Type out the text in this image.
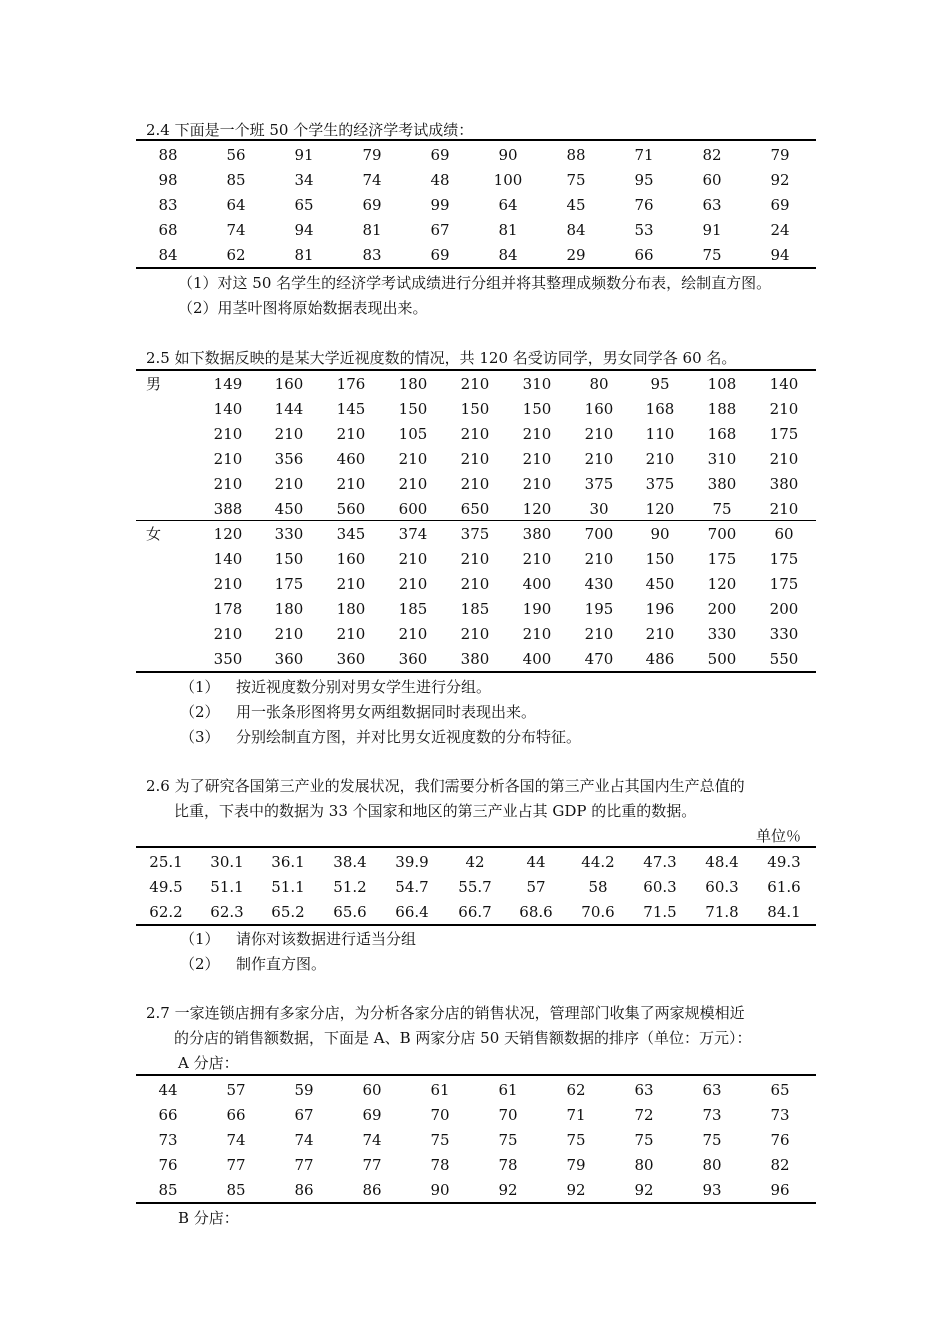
2.4 下面是一个班 50 个学生的经济学考试成绩：
88	56	91	79	69	90	88	71	82	79
98	85	34	74	48	100	75	95	60	92
83	64	65	69	99	64	45	76	63	69
68	74	94	81	67	81	84	53	91	24
84	62	81	83	69	84	29	66	75	94
（1）对这 50 名学生的经济学考试成绩进行分组并将其整理成频数分布表，绘制直方图。
（2）用茎叶图将原始数据表现出来。
2.5 如下数据反映的是某大学近视度数的情况，共 120 名受访同学，男女同学各 60 名。
男	149	160	176	180	210	310	80	95	108	140
140	144	145	150	150	150	160	168	188	210
210	210	210	105	210	210	210	110	168	175
210	356	460	210	210	210	210	210	310	210
210	210	210	210	210	210	375	375	380	380
388	450	560	600	650	120	30	120	75	210
女	120	330	345	374	375	380	700	90	700	60
140	150	160	210	210	210	210	150	175	175
210	175	210	210	210	400	430	450	120	175
178	180	180	185	185	190	195	196	200	200
210	210	210	210	210	210	210	210	330	330
350	360	360	360	380	400	470	486	500	550
（1） 按近视度数分别对男女学生进行分组。
（2） 用一张条形图将男女两组数据同时表现出来。
（3） 分别绘制直方图，并对比男女近视度数的分布特征。
2.6 为了研究各国第三产业的发展状况，我们需要分析各国的第三产业占其国内生产总值的
比重，下表中的数据为 33 个国家和地区的第三产业占其 GDP 的比重的数据。
单位％
25.1	30.1	36.1	38.4	39.9	42	44	44.2	47.3	48.4	49.3
49.5	51.1	51.1	51.2	54.7	55.7	57	58	60.3	60.3	61.6
62.2	62.3	65.2	65.6	66.4	66.7	68.6	70.6	71.5	71.8	84.1
（1） 请你对该数据进行适当分组
（2） 制作直方图。
2.7 一家连锁店拥有多家分店，为分析各家分店的销售状况，管理部门收集了两家规模相近
的分店的销售额数据，下面是 A、B 两家分店 50 天销售额数据的排序（单位：万元）：
A 分店：
44	57	59	60	61	61	62	63	63	65
66	66	67	69	70	70	71	72	73	73
73	74	74	74	75	75	75	75	75	76
76	77	77	77	78	78	79	80	80	82
85	85	86	86	90	92	92	92	93	96
B 分店：
